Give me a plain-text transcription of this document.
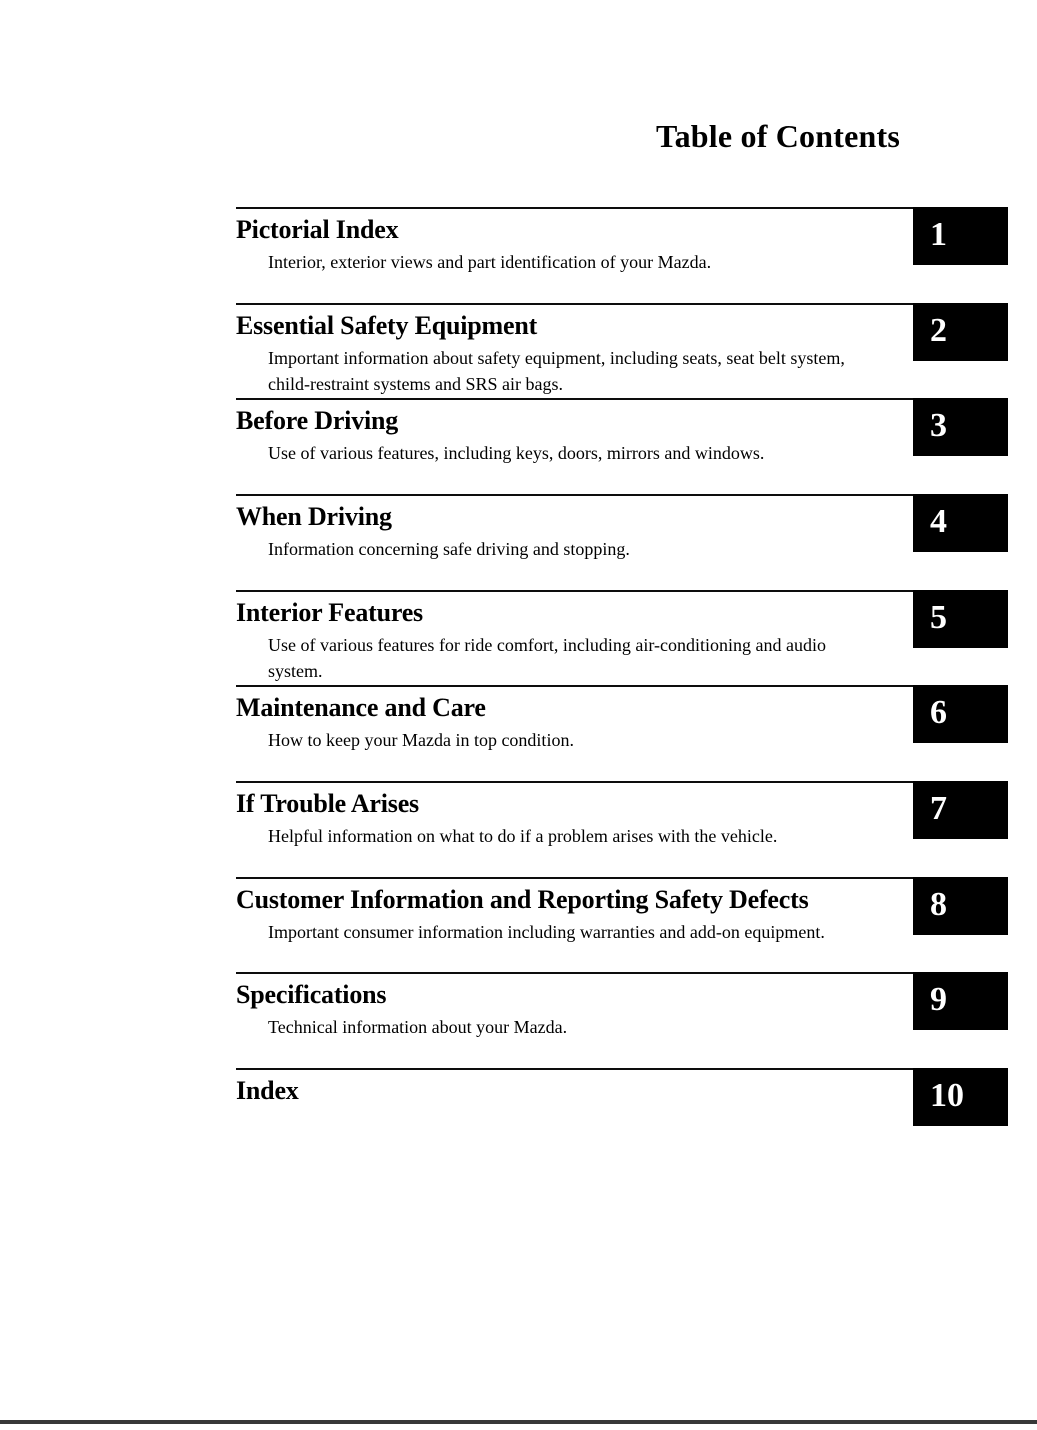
Table of Contents
1
Pictorial Index

Interior, exterior views and part identification of your Mazda.

2
Essential Safety Equipment

Important information about safety equipment, including seats, seat belt system, child-restraint systems and SRS air bags.

3
Before Driving

Use of various features, including keys, doors, mirrors and windows.

4
When Driving

Information concerning safe driving and stopping.

5
Interior Features

Use of various features for ride comfort, including air-conditioning and audio system.

6
Maintenance and Care

How to keep your Mazda in top condition.

7
If Trouble Arises

Helpful information on what to do if a problem arises with the vehicle.

8
Customer Information and Reporting Safety Defects

Important consumer information including warranties and add-on equipment.

9
Specifications

Technical information about your Mazda.

10
Index
